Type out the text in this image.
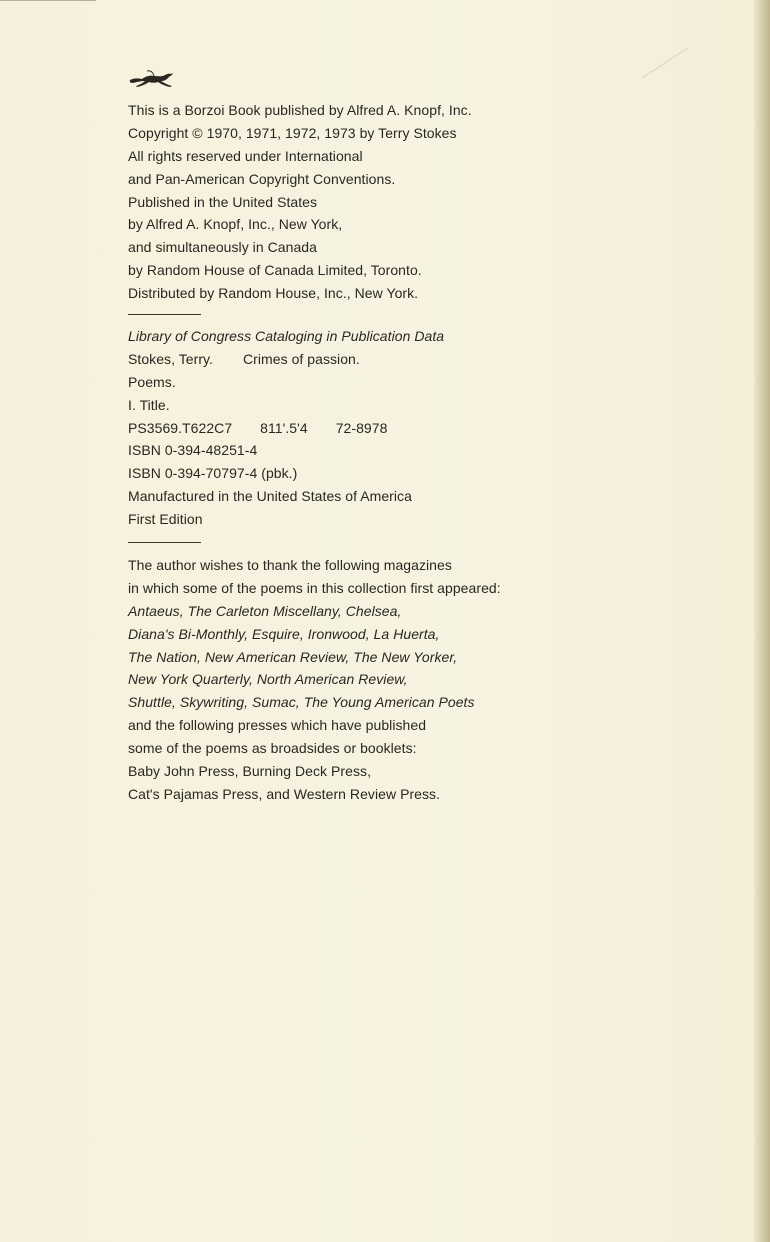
This is a Borzoi Book published by Alfred A. Knopf, Inc.
Copyright © 1970, 1971, 1972, 1973 by Terry Stokes
All rights reserved under International
and Pan-American Copyright Conventions.
Published in the United States
by Alfred A. Knopf, Inc., New York,
and simultaneously in Canada
by Random House of Canada Limited, Toronto.
Distributed by Random House, Inc., New York.
Library of Congress Cataloging in Publication Data
Stokes, Terry. Crimes of passion.
Poems.
I. Title.
PS3569.T622C7 811'.5'4 72-8978
ISBN 0-394-48251-4
ISBN 0-394-70797-4 (pbk.)
Manufactured in the United States of America
First Edition
The author wishes to thank the following magazines
in which some of the poems in this collection first appeared:
Antaeus, The Carleton Miscellany, Chelsea,
Diana's Bi-Monthly, Esquire, Ironwood, La Huerta,
The Nation, New American Review, The New Yorker,
New York Quarterly, North American Review,
Shuttle, Skywriting, Sumac, The Young American Poets
and the following presses which have published
some of the poems as broadsides or booklets:
Baby John Press, Burning Deck Press,
Cat's Pajamas Press, and Western Review Press.
